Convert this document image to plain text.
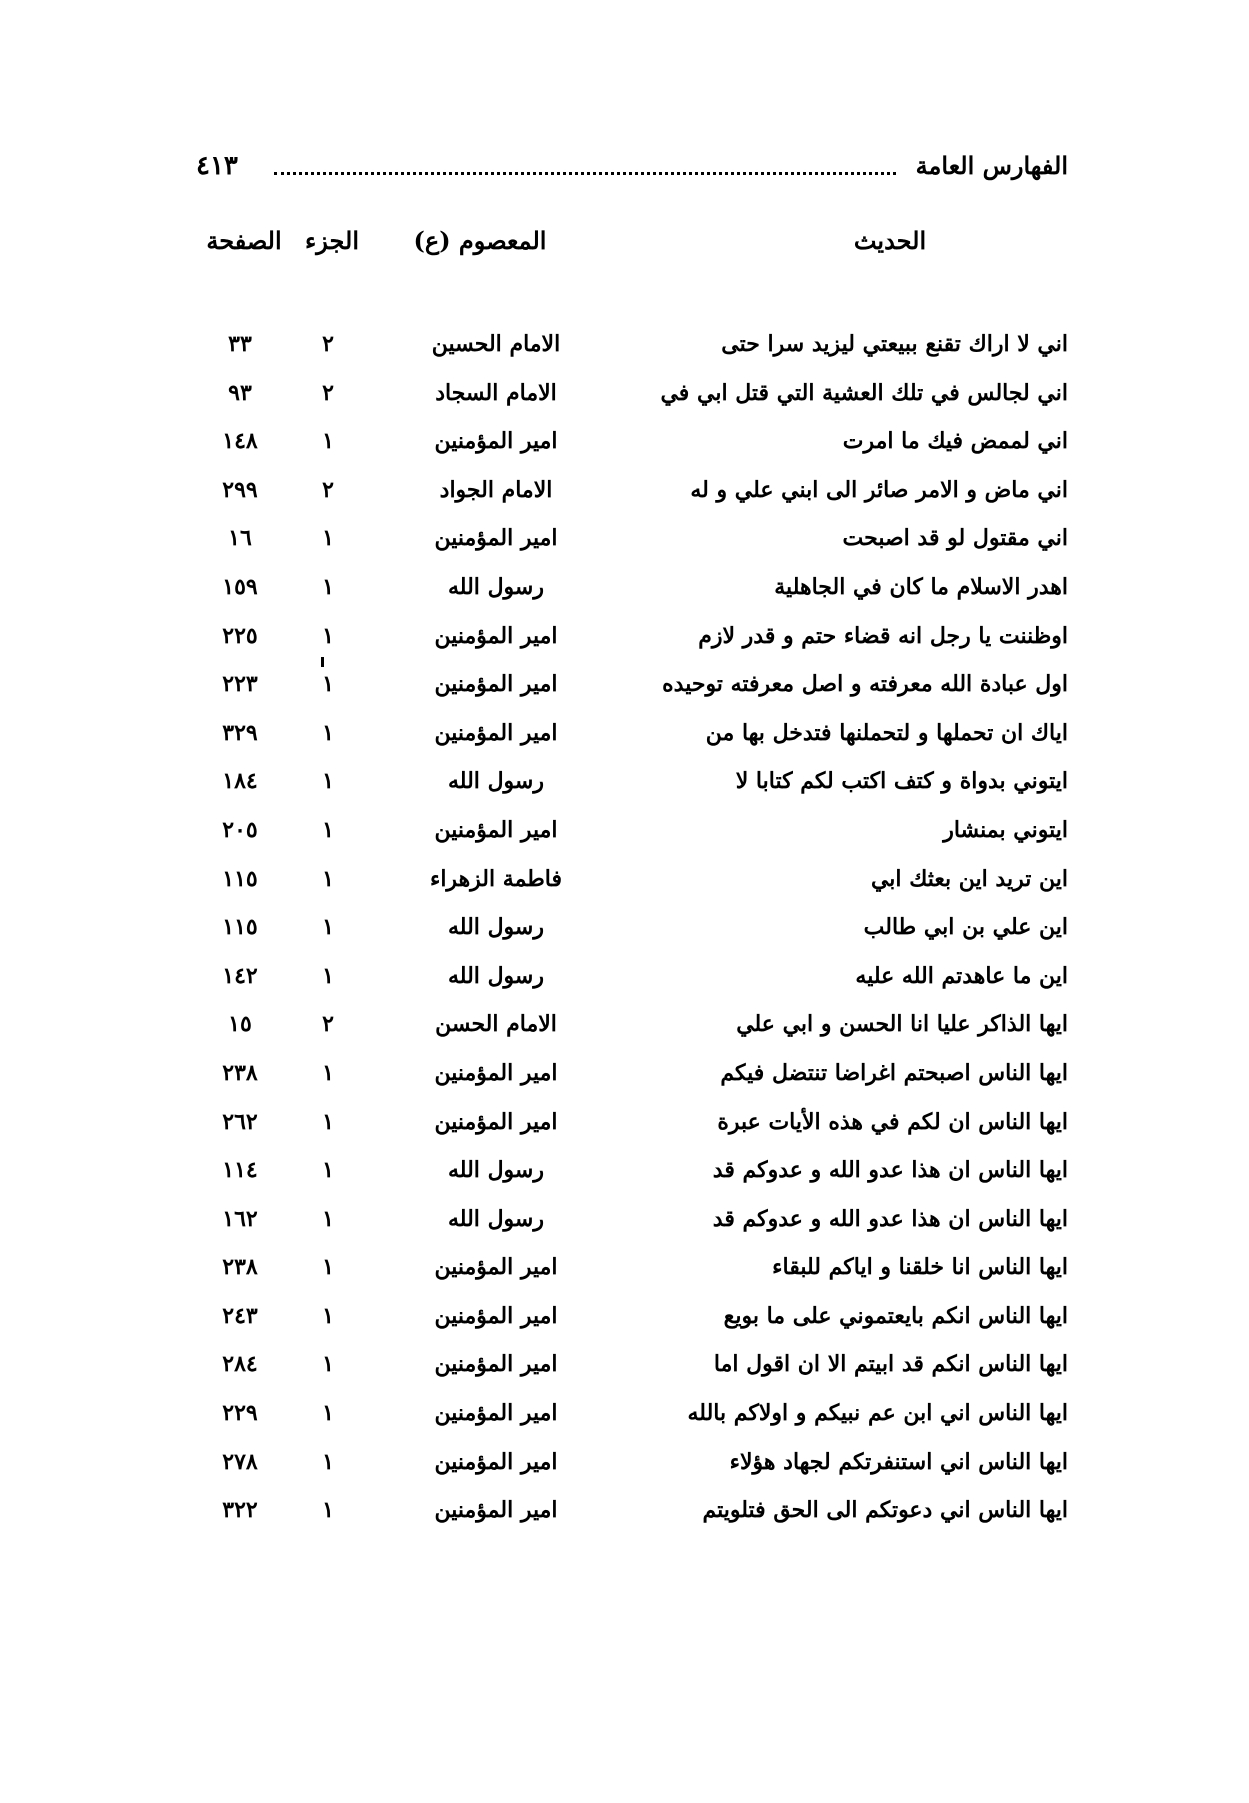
الفهارس العامة
٤١٣
الحديث
المعصوم (ع)
الجزء
الصفحة
اني لا اراك تقنع ببيعتي ليزيد سرا حتى
الامام الحسين
٢
٣٣
اني لجالس في تلك العشية التي قتل ابي في
الامام السجاد
٢
٩٣
اني لممض فيك ما امرت
امير المؤمنين
١
١٤٨
اني ماض و الامر صائر الى ابني علي و له
الامام الجواد
٢
٢٩٩
اني مقتول لو قد اصبحت
امير المؤمنين
١
١٦
اهدر الاسلام ما كان في الجاهلية
رسول الله
١
١٥٩
اوظننت يا رجل انه قضاء حتم و قدر لازم
امير المؤمنين
١
٢٢٥
اول عبادة الله معرفته و اصل معرفته توحيده
امير المؤمنين
١
٢٢٣
اياك ان تحملها و لتحملنها فتدخل بها من
امير المؤمنين
١
٣٢٩
ايتوني بدواة و كتف اكتب لكم كتابا لا
رسول الله
١
١٨٤
ايتوني بمنشار
امير المؤمنين
١
٢٠٥
اين تريد اين بعثك ابي
فاطمة الزهراء
١
١١٥
اين علي بن ابي طالب
رسول الله
١
١١٥
اين ما عاهدتم الله عليه
رسول الله
١
١٤٢
ايها الذاكر عليا انا الحسن و ابي علي
الامام الحسن
٢
١٥
ايها الناس اصبحتم اغراضا تنتضل فيكم
امير المؤمنين
١
٢٣٨
ايها الناس ان لكم في هذه الأيات عبرة
امير المؤمنين
١
٢٦٢
ايها الناس ان هذا عدو الله و عدوكم قد
رسول الله
١
١١٤
ايها الناس ان هذا عدو الله و عدوكم قد
رسول الله
١
١٦٢
ايها الناس انا خلقنا و اياكم للبقاء
امير المؤمنين
١
٢٣٨
ايها الناس انكم بايعتموني على ما بويع
امير المؤمنين
١
٢٤٣
ايها الناس انكم قد ابيتم الا ان اقول اما
امير المؤمنين
١
٢٨٤
ايها الناس اني ابن عم نبيكم و اولاكم بالله
امير المؤمنين
١
٢٢٩
ايها الناس اني استنفرتكم لجهاد هؤلاء
امير المؤمنين
١
٢٧٨
ايها الناس اني دعوتكم الى الحق فتلويتم
امير المؤمنين
١
٣٢٢
